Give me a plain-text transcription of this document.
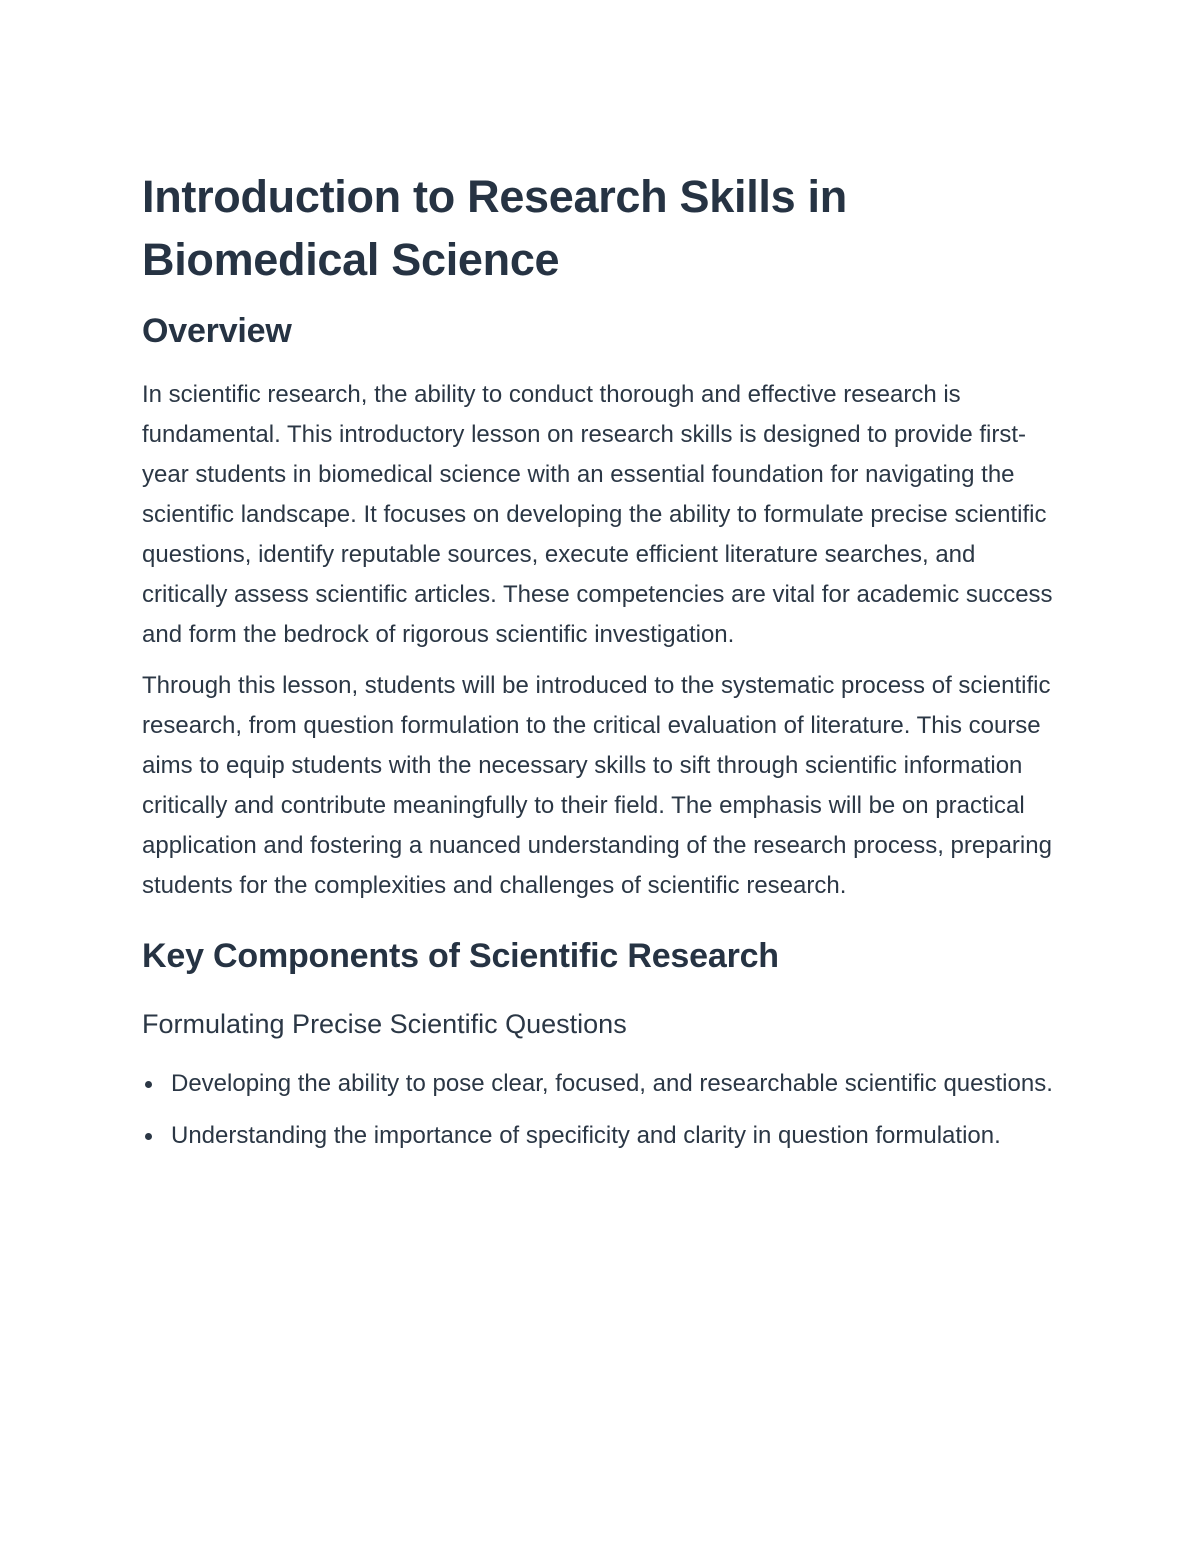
Introduction to Research Skills in Biomedical Science
Overview

In scientific research, the ability to conduct thorough and effective research is fundamental. This introductory lesson on research skills is designed to provide first-year students in biomedical science with an essential foundation for navigating the scientific landscape. It focuses on developing the ability to formulate precise scientific questions, identify reputable sources, execute efficient literature searches, and critically assess scientific articles. These competencies are vital for academic success and form the bedrock of rigorous scientific investigation.

Through this lesson, students will be introduced to the systematic process of scientific research, from question formulation to the critical evaluation of literature. This course aims to equip students with the necessary skills to sift through scientific information critically and contribute meaningfully to their field. The emphasis will be on practical application and fostering a nuanced understanding of the research process, preparing students for the complexities and challenges of scientific research.

Key Components of Scientific Research
Formulating Precise Scientific Questions
Developing the ability to pose clear, focused, and researchable scientific questions.
Understanding the importance of specificity and clarity in question formulation.
